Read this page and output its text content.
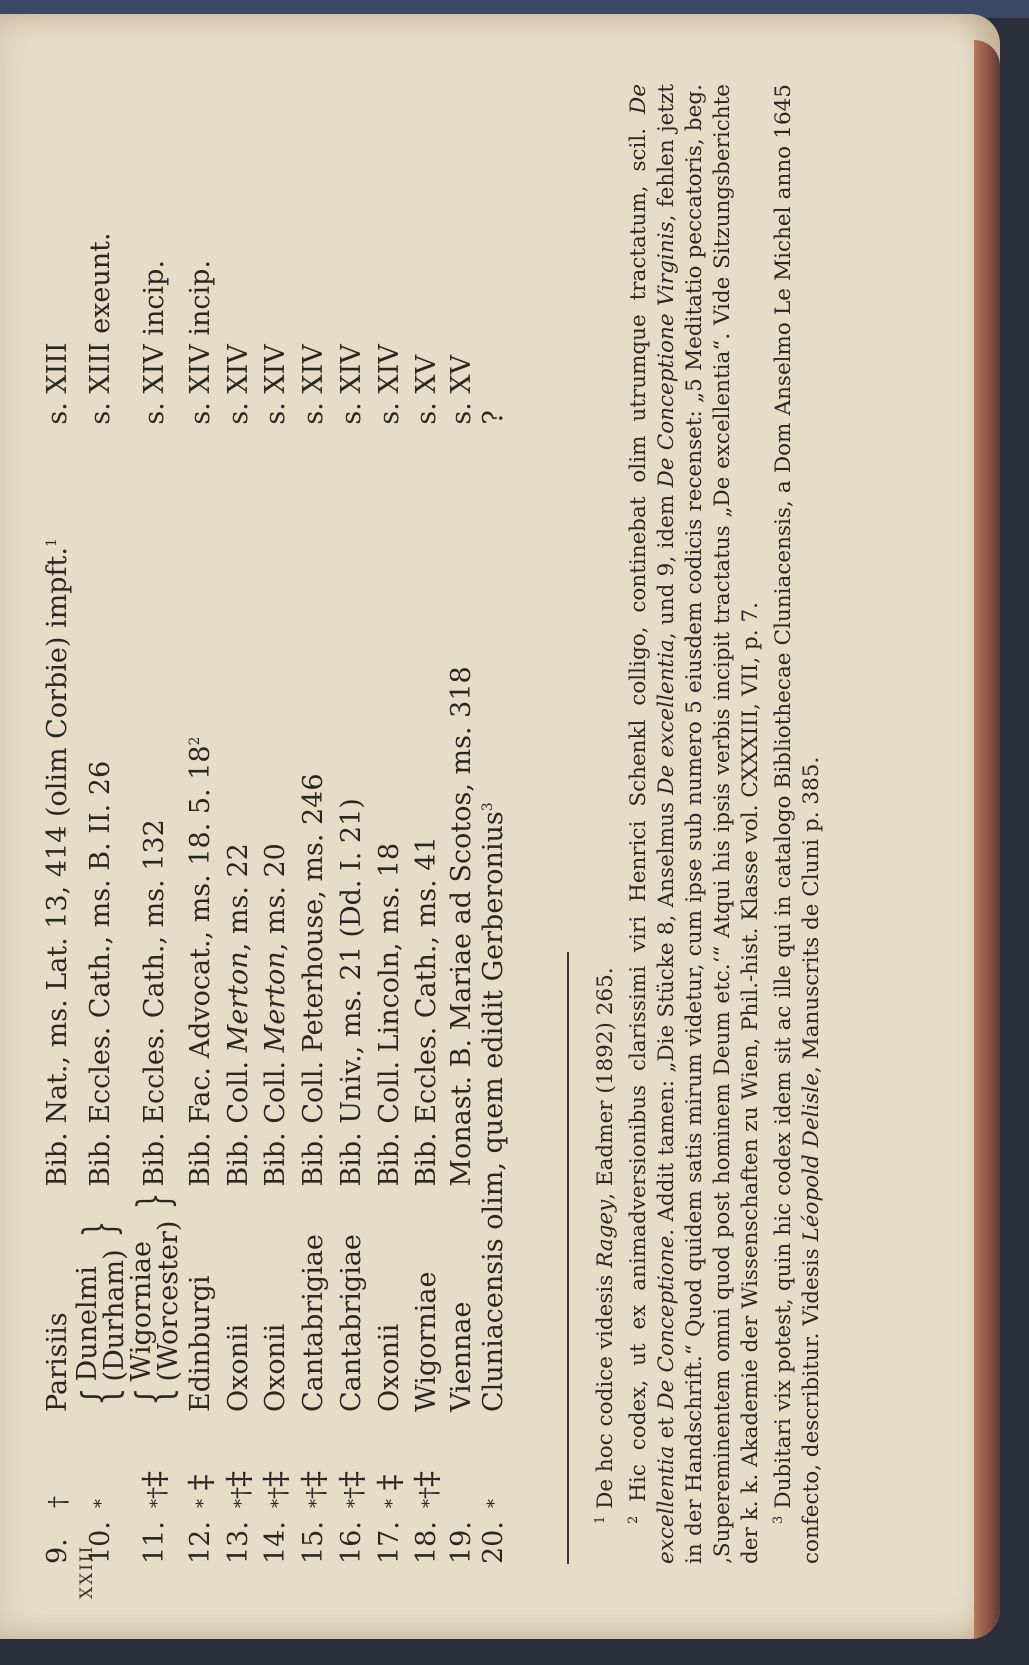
XXIII
9.	†	Parisiis	Bib. Nat., ms. Lat. 13, 414 (olim Corbie) impft.$^1$	s. XIII
10.	*	{Dunelmi
(Durham)}	Bib. Eccles. Cath., ms. B. II. 26	s. XIII exeunt.
11.	*†‡	{Wigorniae
(Worcester)}	Bib. Eccles. Cath., ms. 132	s. XIV incip.
12.	* ‡	Edinburgi	Bib. Fac. Advocat., ms. 18. 5. $18^2$	s. XIV incip.
13.	*†‡	Oxonii	Bib. Coll. Merton, ms. 22	s. XIV
14.	*†‡	Oxonii	Bib. Coll. Merton, ms. 20	s. XIV
15.	*†‡	Cantabrigiae	Bib. Coll. Peterhouse, ms. 246	s. XIV
16.	*†‡	Cantabrigiae	Bib. Univ., ms. 21 (Dd. I. 21)	s. XIV
17.	* ‡	Oxonii	Bib. Coll. Lincoln, ms. 18	s. XIV
18.	*†‡	Wigorniae	Bib. Eccles. Cath., ms. 41	s. XV
19.		Viennae	Monast. B. Mariae ad Scotos, ms. 318	s. XV
20.	*	Cluniacensis olim, quem edidit Gerberonius$^3$		?

$^1$ De hoc codice videsis Ragey, Eadmer (1892) 265.

$^2$ Hic codex, ut ex animadversionibus clarissimi viri Henrici Schenkl colligo, continebat olim utrumque tractatum, scil. De excellentia et De Conceptione. Addit tamen: „Die Stücke 8, Anselmus De excellentia, und 9, idem De Conceptione Virginis, fehlen jetzt in der Handschrift.“ Quod quidem satis mirum videtur, cum ipse sub numero 5 eiusdem codicis recenset: „5 Meditatio peccatoris, beg. ‚Supereminentem omni quod post hominem Deum etc.‘“ Atqui his ipsis verbis incipit tractatus „De excellentia“. Vide Sitzungsberichte der k. k. Akademie der Wissenschaften zu Wien, Phil.-hist. Klasse vol. CXXXIII, VII, p. 7. $^3$ Dubitari vix potest, quin hic codex idem sit ac ille qui in catalogo Bibliothecae Cluniacensis, a Dom Anselmo Le Michel anno 1645 confecto, describitur. Videsis Léopold Delisle, Manuscrits de Cluni p. 385.
